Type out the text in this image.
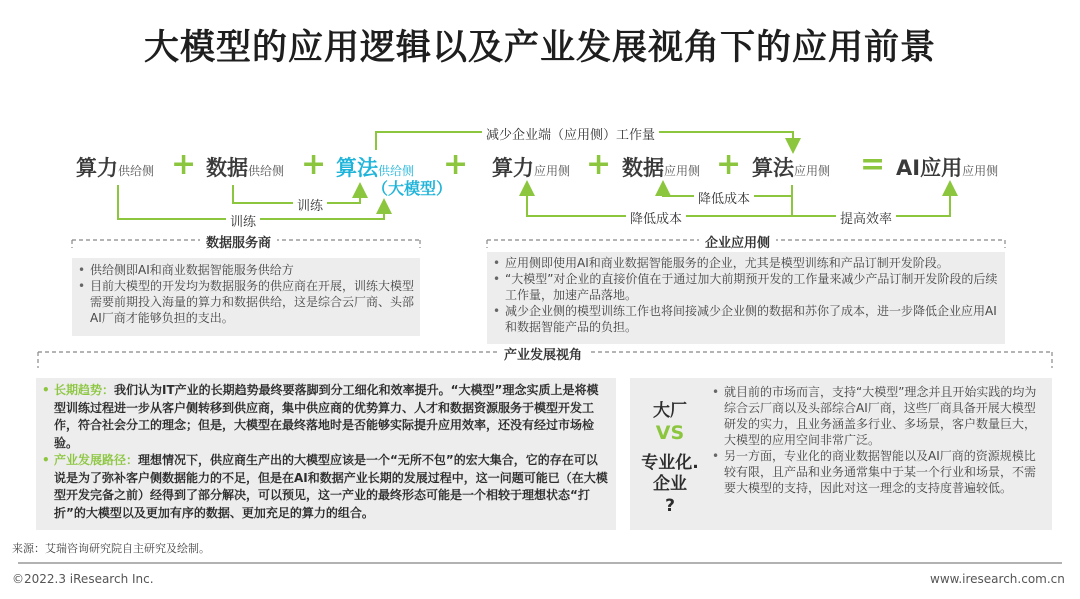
大模型的应用逻辑以及产业发展视角下的应用前景
算力供给侧 + 数据供给侧 + 算法供给侧
（大模型）
+ 算力应用侧 + 数据应用侧 + 算法应用侧 = AI应用应用侧
减少企业端（应用侧）工作量
训练
训练
降低成本
降低成本	提高效率
数据服务商	企业应用侧
产业发展视角
• 供给侧即AI和商业数据智能服务供给方
• 目前大模型的开发均为数据服务的供应商在开展，训练大模型需要前期投入海量的算力和数据供给，这是综合云厂商、头部AI厂商才能够负担的支出。
• 应用侧即使用AI和商业数据智能服务的企业，尤其是模型训练和产品订制开发阶段。
• “大模型”对企业的直接价值在于通过加大前期预开发的工作量来减少产品订制开发阶段的后续工作量，加速产品落地。
• 减少企业侧的模型训练工作也将间接减少企业侧的数据和苏你了成本，进一步降低企业应用AI和数据智能产品的负担。
• 长期趋势：我们认为IT产业的长期趋势最终要落脚到分工细化和效率提升。“大模型”理念实质上是将模型训练过程进一步从客户侧转移到供应商，集中供应商的优势算力、人才和数据资源服务于模型开发工作，符合社会分工的理念；但是，大模型在最终落地时是否能够实际提升应用效率，还没有经过市场检验。
• 产业发展路径：理想情况下，供应商生产出的大模型应该是一个“无所不包”的宏大集合，它的存在可以说是为了弥补客户侧数据能力的不足，但是在AI和数据产业长期的发展过程中，这一问题可能已（在大模型开发完备之前）经得到了部分解决，可以预见，这一产业的最终形态可能是一个相较于理想状态“打折”的大模型以及更加有序的数据、更加充足的算力的组合。
大厂
VS
专业化.
企业
?
• 就目前的市场而言，支持“大模型”理念并且开始实践的均为综合云厂商以及头部综合AI厂商，这些厂商具备开展大模型研发的实力，且业务涵盖多行业、多场景，客户数量巨大，大模型的应用空间非常广泛。
• 另一方面，专业化的商业数据智能以及AI厂商的资源规模比较有限，且产品和业务通常集中于某一个行业和场景，不需要大模型的支持，因此对这一理念的支持度普遍较低。
来源：艾瑞咨询研究院自主研究及绘制。
©2022.3 iResearch Inc.	www.iresearch.com.cn
